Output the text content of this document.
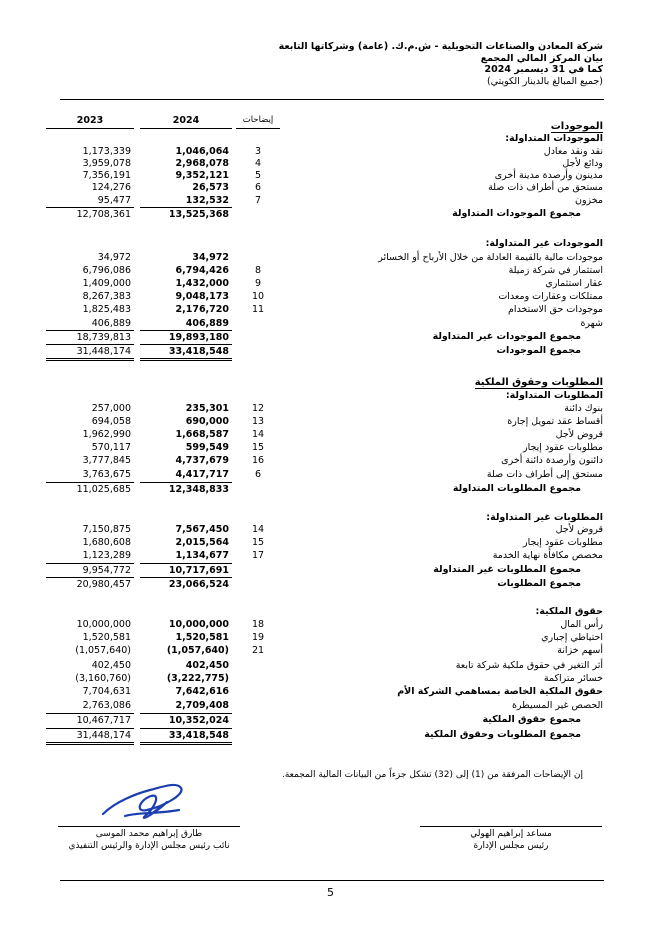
شركة المعادن والصناعات التحويلية - ش.م.ك. (عامة) وشركاتها التابعة
بيان المركز المالي المجمع
كما في 31 ديسمبر 2024
(جميع المبالغ بالدينار الكويتي)
إيضاحات
2024
2023
الموجودات
الموجودات المتداولة:
نقد ونقد معادل
3
1,046,064
1,173,339
ودائع لأجل
4
2,968,078
3,959,078
مدينون وأرصدة مدينة أخرى
5
9,352,121
7,356,191
مستحق من أطراف ذات صلة
6
26,573
124,276
مخزون
7
132,532
95,477
مجموع الموجودات المتداولة
13,525,368
12,708,361
الموجودات غير المتداولة:
موجودات مالية بالقيمة العادلة من خلال الأرباح أو الخسائر
34,972
34,972
استثمار في شركة زميلة
8
6,794,426
6,796,086
عقار استثماري
9
1,432,000
1,409,000
ممتلكات وعقارات ومعدات
10
9,048,173
8,267,383
موجودات حق الاستخدام
11
2,176,720
1,825,483
شهرة
406,889
406,889
مجموع الموجودات غير المتداولة
19,893,180
18,739,813
مجموع الموجودات
33,418,548
31,448,174
المطلوبات وحقوق الملكية
المطلوبات المتداولة:
بنوك دائنة
12
235,301
257,000
أقساط عقد تمويل إجارة
13
690,000
694,058
قروض لأجل
14
1,668,587
1,962,990
مطلوبات عقود إيجار
15
599,549
570,117
دائنون وأرصدة دائنة أخرى
16
4,737,679
3,777,845
مستحق إلى أطراف ذات صلة
6
4,417,717
3,763,675
مجموع المطلوبات المتداولة
12,348,833
11,025,685
المطلوبات غير المتداولة:
قروض لأجل
14
7,567,450
7,150,875
مطلوبات عقود إيجار
15
2,015,564
1,680,608
مخصص مكافأة نهاية الخدمة
17
1,134,677
1,123,289
مجموع المطلوبات غير المتداولة
10,717,691
9,954,772
مجموع المطلوبات
23,066,524
20,980,457
حقوق الملكية:
رأس المال
18
10,000,000
10,000,000
احتياطي إجباري
19
1,520,581
1,520,581
أسهم خزانة
21
(1,057,640)
(1,057,640)
أثر التغير في حقوق ملكية شركة تابعة
402,450
402,450
خسائر متراكمة
(3,222,775)
(3,160,760)
حقوق الملكية الخاصة بمساهمي الشركة الأم
7,642,616
7,704,631
الحصص غير المسيطرة
2,709,408
2,763,086
مجموع حقوق الملكية
10,352,024
10,467,717
مجموع المطلوبات وحقوق الملكية
33,418,548
31,448,174
إن الإيضاحات المرفقة من (1) إلى (32) تشكل جزءاً من البيانات المالية المجمعة.
مساعد إبراهيم الهولي
رئيس مجلس الإدارة
طارق إبراهيم محمد الموسى
نائب رئيس مجلس الإدارة والرئيس التنفيذي
5
